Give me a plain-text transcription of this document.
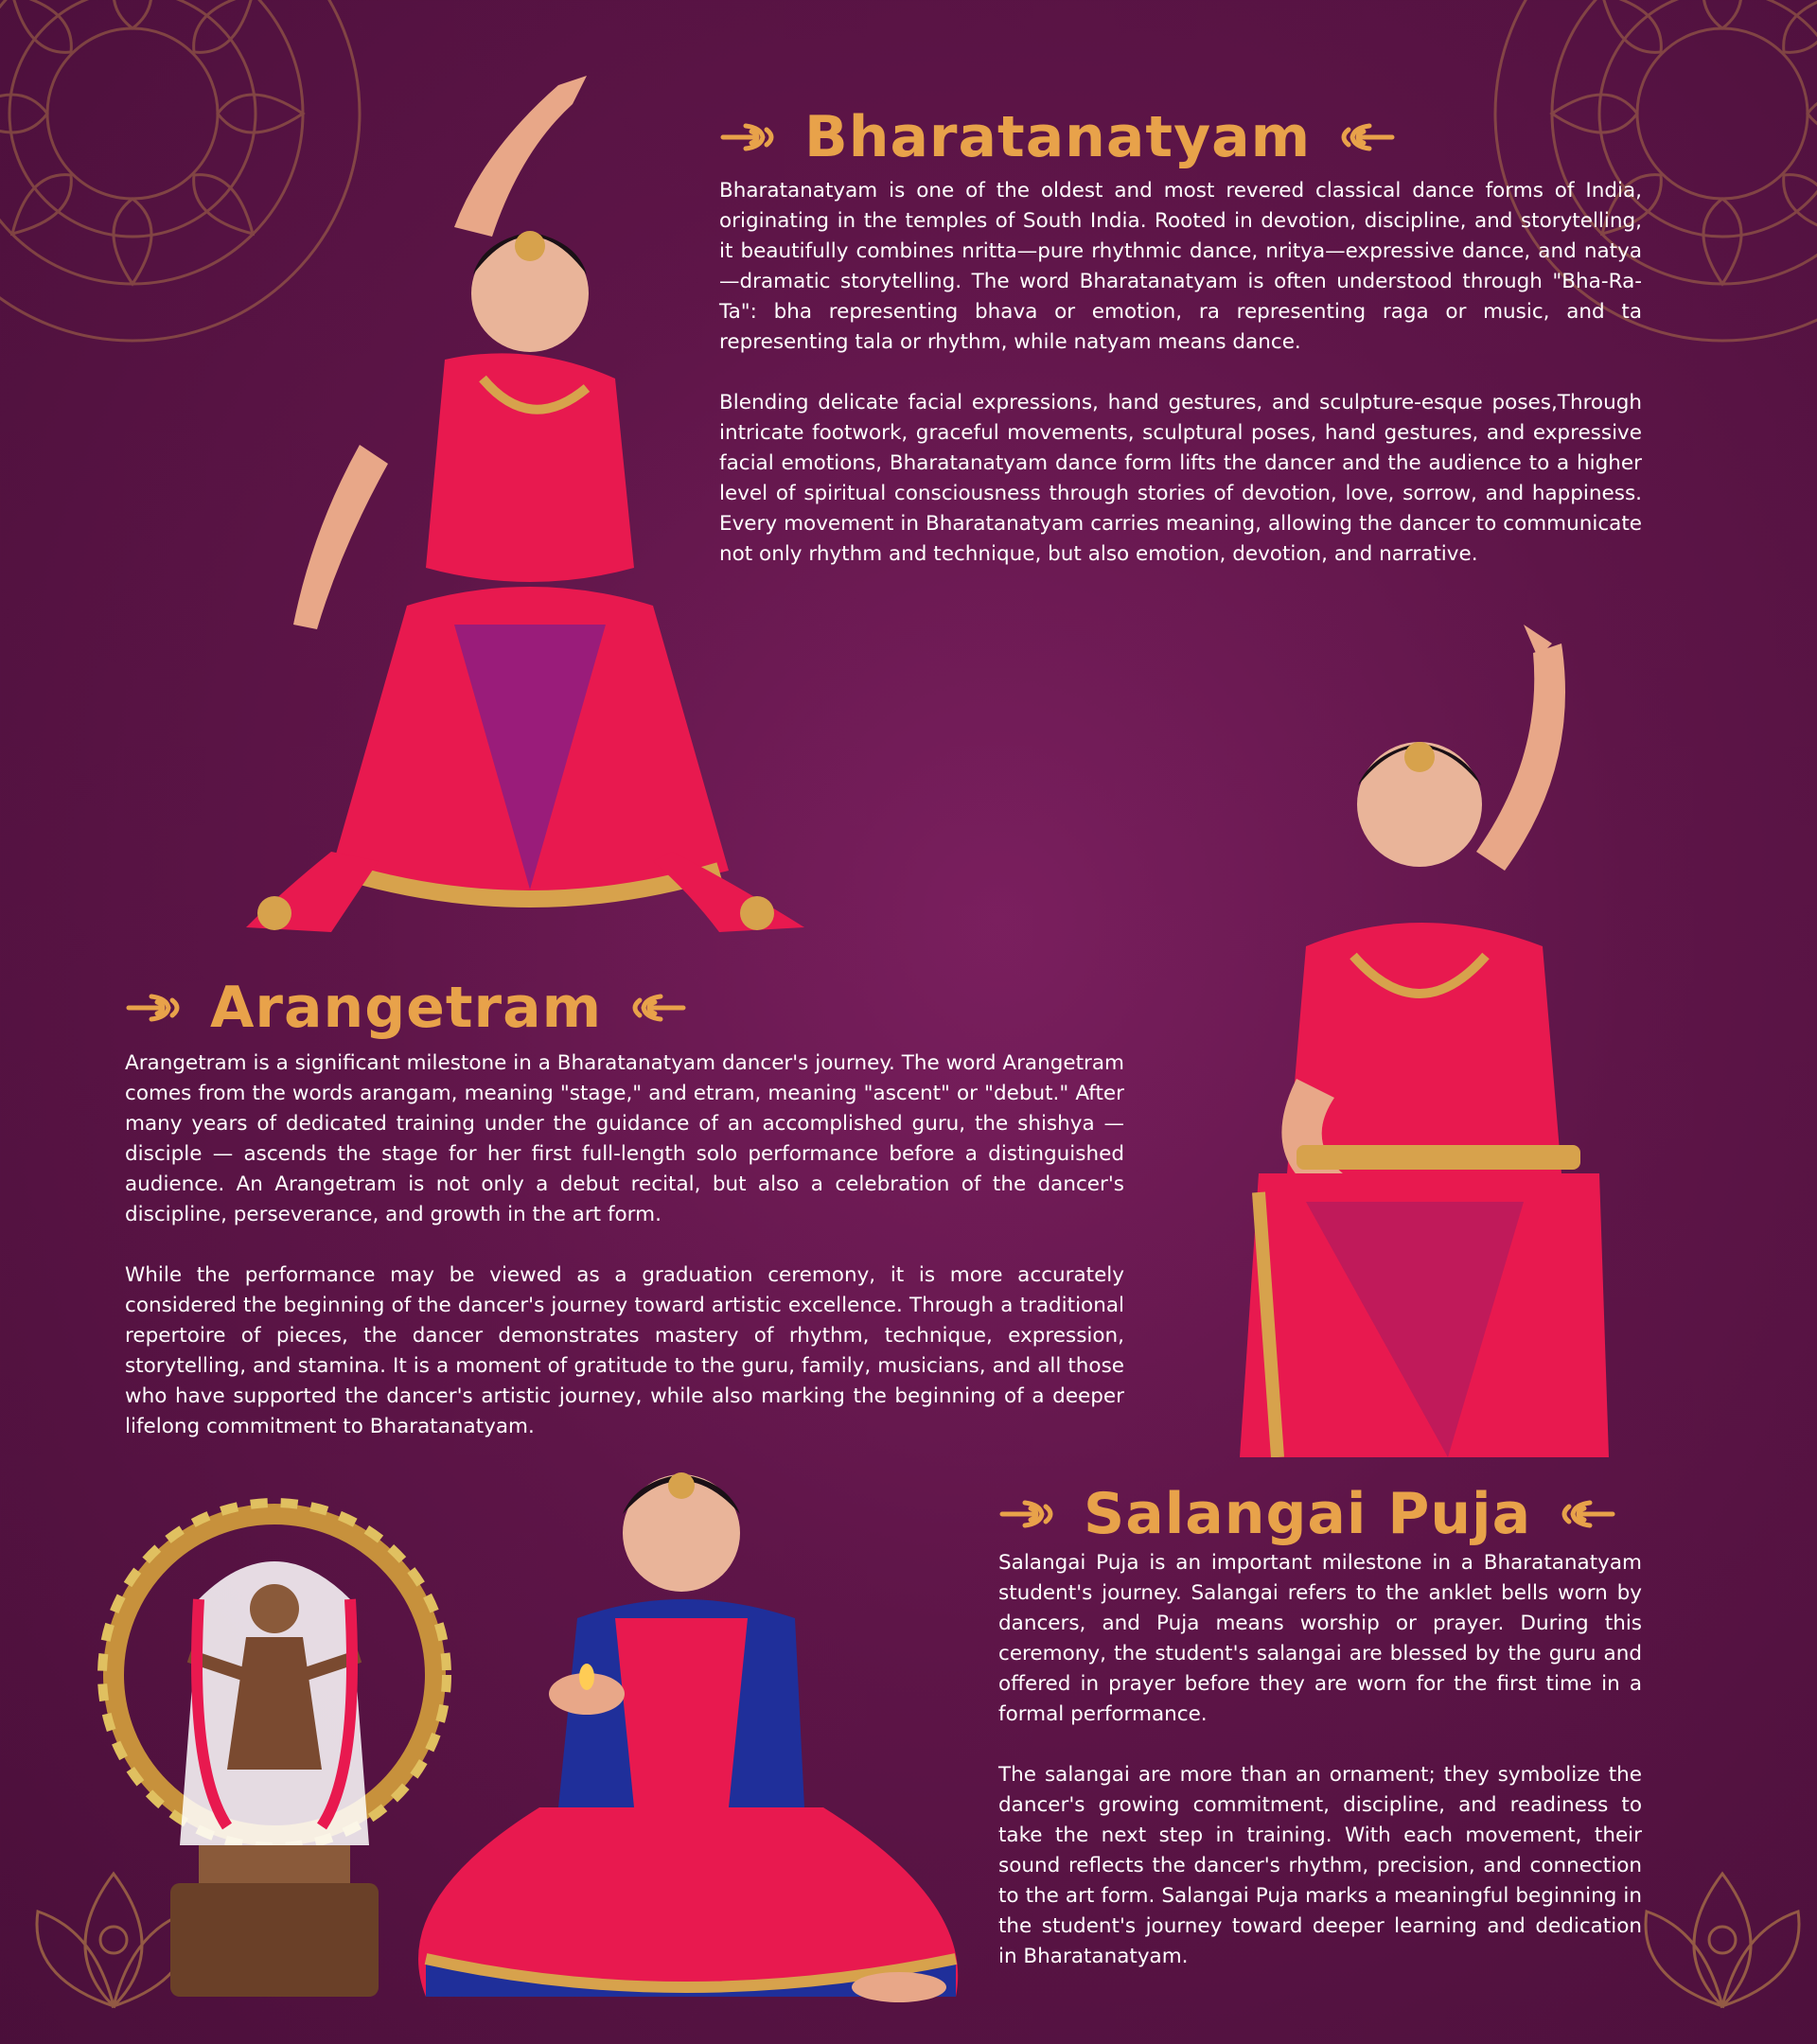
Bharatanatyam

Bharatanatyam is one of the oldest and most revered classical dance forms of India, originating in the temples of South India. Rooted in devotion, discipline, and storytelling, it beautifully combines nritta—pure rhythmic dance, nritya—expressive dance, and natya—dramatic storytelling. The word Bharatanatyam is often understood through "Bha-Ra-Ta": bha representing bhava or emotion, ra representing raga or music, and ta representing tala or rhythm, while natyam means dance.

Blending delicate facial expressions, hand gestures, and sculpture-esque poses,Through intricate footwork, graceful movements, sculptural poses, hand gestures, and expressive facial emotions, Bharatanatyam dance form lifts the dancer and the audience to a higher level of spiritual consciousness through stories of devotion, love, sorrow, and happiness. Every movement in Bharatanatyam carries meaning, allowing the dancer to communicate not only rhythm and technique, but also emotion, devotion, and narrative.

Arangetram

Arangetram is a significant milestone in a Bharatanatyam dancer's journey. The word Arangetram comes from the words arangam, meaning "stage," and etram, meaning "ascent" or "debut." After many years of dedicated training under the guidance of an accomplished guru, the shishya — disciple — ascends the stage for her first full-length solo performance before a distinguished audience. An Arangetram is not only a debut recital, but also a celebration of the dancer's discipline, perseverance, and growth in the art form.

While the performance may be viewed as a graduation ceremony, it is more accurately considered the beginning of the dancer's journey toward artistic excellence. Through a traditional repertoire of pieces, the dancer demonstrates mastery of rhythm, technique, expression, storytelling, and stamina. It is a moment of gratitude to the guru, family, musicians, and all those who have supported the dancer's artistic journey, while also marking the beginning of a deeper lifelong commitment to Bharatanatyam.

Salangai Puja

Salangai Puja is an important milestone in a Bharatanatyam student's journey. Salangai refers to the anklet bells worn by dancers, and Puja means worship or prayer. During this ceremony, the student's salangai are blessed by the guru and offered in prayer before they are worn for the first time in a formal performance.

The salangai are more than an ornament; they symbolize the dancer's growing commitment, discipline, and readiness to take the next step in training. With each movement, their sound reflects the dancer's rhythm, precision, and connection to the art form. Salangai Puja marks a meaningful beginning in the student's journey toward deeper learning and dedication in Bharatanatyam.
